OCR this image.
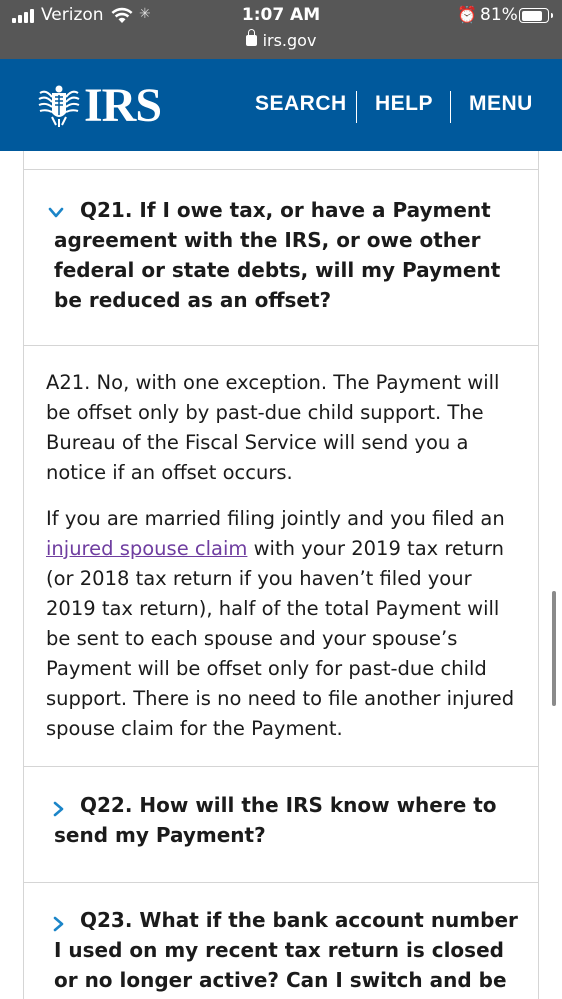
Verizon	✳	1:07 AM
irs.gov
⏰ 81%
IRS	SEARCH HELP MENU
Q21. If I owe tax, or have a Payment agreement with the IRS, or owe other federal or state debts, will my Payment be reduced as an offset?
A21. No, with one exception. The Payment will be offset only by past-due child support. The Bureau of the Fiscal Service will send you a notice if an offset occurs.
If you are married filing jointly and you filed an injured spouse claim with your 2019 tax return (or 2018 tax return if you haven’t filed your 2019 tax return), half of the total Payment will be sent to each spouse and your spouse’s Payment will be offset only for past-due child support. There is no need to file another injured spouse claim for the Payment.
Q22. How will the IRS know where to send my Payment?
Q23. What if the bank account number I used on my recent tax return is closed or no longer active? Can I switch and be
